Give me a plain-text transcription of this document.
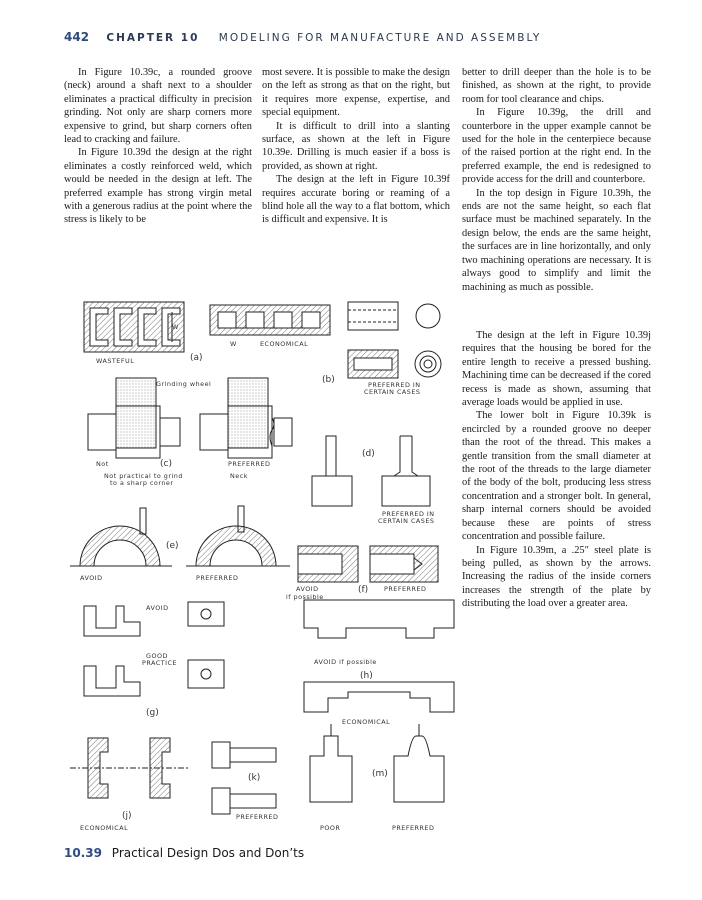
442 CHAPTER 10 MODELING FOR MANUFACTURE AND ASSEMBLY

In Figure 10.39c, a rounded groove (neck) around a shaft next to a shoulder eliminates a practical difficulty in precision grinding. Not only are sharp corners more expensive to grind, but sharp corners often lead to cracking and failure.

In Figure 10.39d the design at the right eliminates a costly reinforced weld, which would be needed in the design at left. The preferred example has strong virgin metal with a generous radius at the point where the stress is likely to be

most severe. It is possible to make the design on the left as strong as that on the right, but it requires more expense, expertise, and special equipment.

It is difficult to drill into a slanting surface, as shown at the left in Figure 10.39e. Drilling is much easier if a boss is provided, as shown at right.

The design at the left in Figure 10.39f requires accurate boring or reaming of a blind hole all the way to a flat bottom, which is difficult and expensive. It is

better to drill deeper than the hole is to be finished, as shown at the right, to provide room for tool clearance and chips.

In Figure 10.39g, the drill and counterbore in the upper example cannot be used for the hole in the centerpiece because of the raised portion at the right end. In the preferred example, the end is redesigned to provide access for the drill and counterbore.

In the top design in Figure 10.39h, the ends are not the same height, so each flat surface must be machined separately. In the design below, the ends are the same height, the surfaces are in line horizontally, and only two machining operations are necessary. It is always good to simplify and limit the machining as much as possible.

The design at the left in Figure 10.39j requires that the housing be bored for the entire length to receive a pressed bushing. Machining time can be decreased if the cored recess is made as shown, assuming that average loads would be applied in use.

The lower bolt in Figure 10.39k is encircled by a rounded groove no deeper than the root of the thread. This makes a gentle transition from the small diameter at the root of the threads to the large diameter of the body of the bolt, producing less stress concentration and a stronger bolt. In general, sharp internal corners should be avoided because these are points of stress concentration and possible failure.

In Figure 10.39m, a .25″ steel plate is being pulled, as shown by the arrows. Increasing the radius of the inside corners increases the strength of the plate by distributing the load over a greater area.

WASTEFUL
W
W	ECONOMICAL
(a)
(b)	PREFERRED IN
CERTAIN CASES
Grinding wheel
Not	(c)	PREFERRED
Not practical to grind
to a sharp corner
Neck
(d)
PREFERRED IN
CERTAIN CASES
(e)
AVOID	PREFERRED
AVOID
if possible
(f) PREFERRED
AVOID
GOOD
PRACTICE
(g)
AVOID if possible
(h)
ECONOMICAL
(j)
ECONOMICAL
(k)
PREFERRED
(m)
POOR	PREFERRED
10.39 Practical Design Dos and Don’ts
